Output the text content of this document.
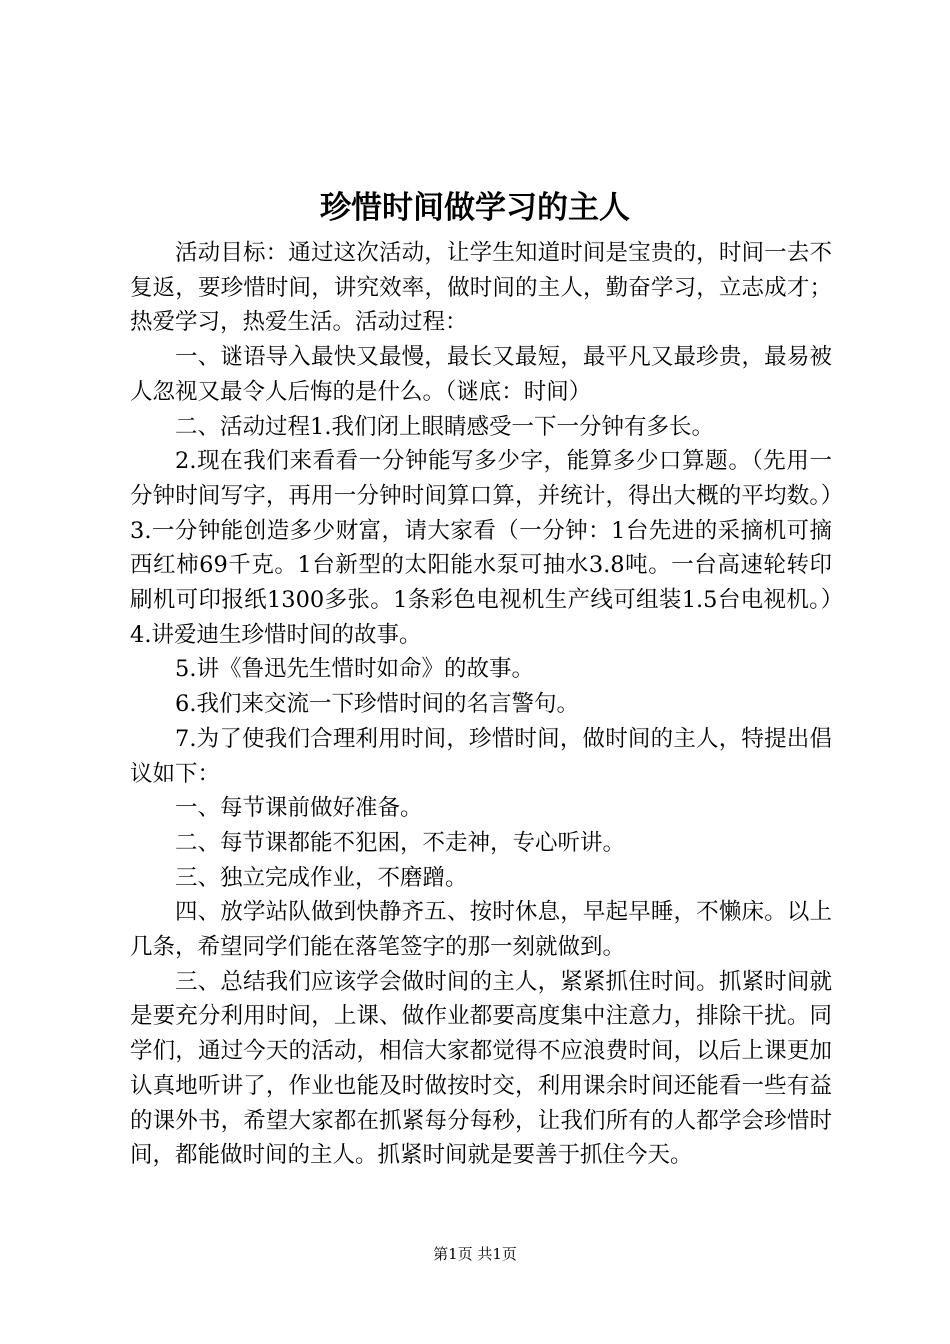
珍惜时间做学习的主人

活动目标：通过这次活动，让学生知道时间是宝贵的，时间一去不复返，要珍惜时间，讲究效率，做时间的主人，勤奋学习，立志成才；热爱学习，热爱生活。活动过程：

一、谜语导入最快又最慢，最长又最短，最平凡又最珍贵，最易被人忽视又最令人后悔的是什么。（谜底：时间）

二、活动过程1.我们闭上眼睛感受一下一分钟有多长。

2.现在我们来看看一分钟能写多少字，能算多少口算题。（先用一分钟时间写字，再用一分钟时间算口算，并统计，得出大概的平均数。）3.一分钟能创造多少财富，请大家看（一分钟：1台先进的采摘机可摘西红柿69千克。1台新型的太阳能水泵可抽水3.8吨。一台高速轮转印刷机可印报纸1300多张。1条彩色电视机生产线可组装1.5台电视机。）4.讲爱迪生珍惜时间的故事。

5.讲《鲁迅先生惜时如命》的故事。

6.我们来交流一下珍惜时间的名言警句。

7.为了使我们合理利用时间，珍惜时间，做时间的主人，特提出倡议如下：

一、每节课前做好准备。

二、每节课都能不犯困，不走神，专心听讲。

三、独立完成作业，不磨蹭。

四、放学站队做到快静齐五、按时休息，早起早睡，不懒床。以上几条，希望同学们能在落笔签字的那一刻就做到。

三、总结我们应该学会做时间的主人，紧紧抓住时间。抓紧时间就是要充分利用时间，上课、做作业都要高度集中注意力，排除干扰。同学们，通过今天的活动，相信大家都觉得不应浪费时间，以后上课更加认真地听讲了，作业也能及时做按时交，利用课余时间还能看一些有益的课外书，希望大家都在抓紧每分每秒，让我们所有的人都学会珍惜时间，都能做时间的主人。抓紧时间就是要善于抓住今天。

第1页 共1页
